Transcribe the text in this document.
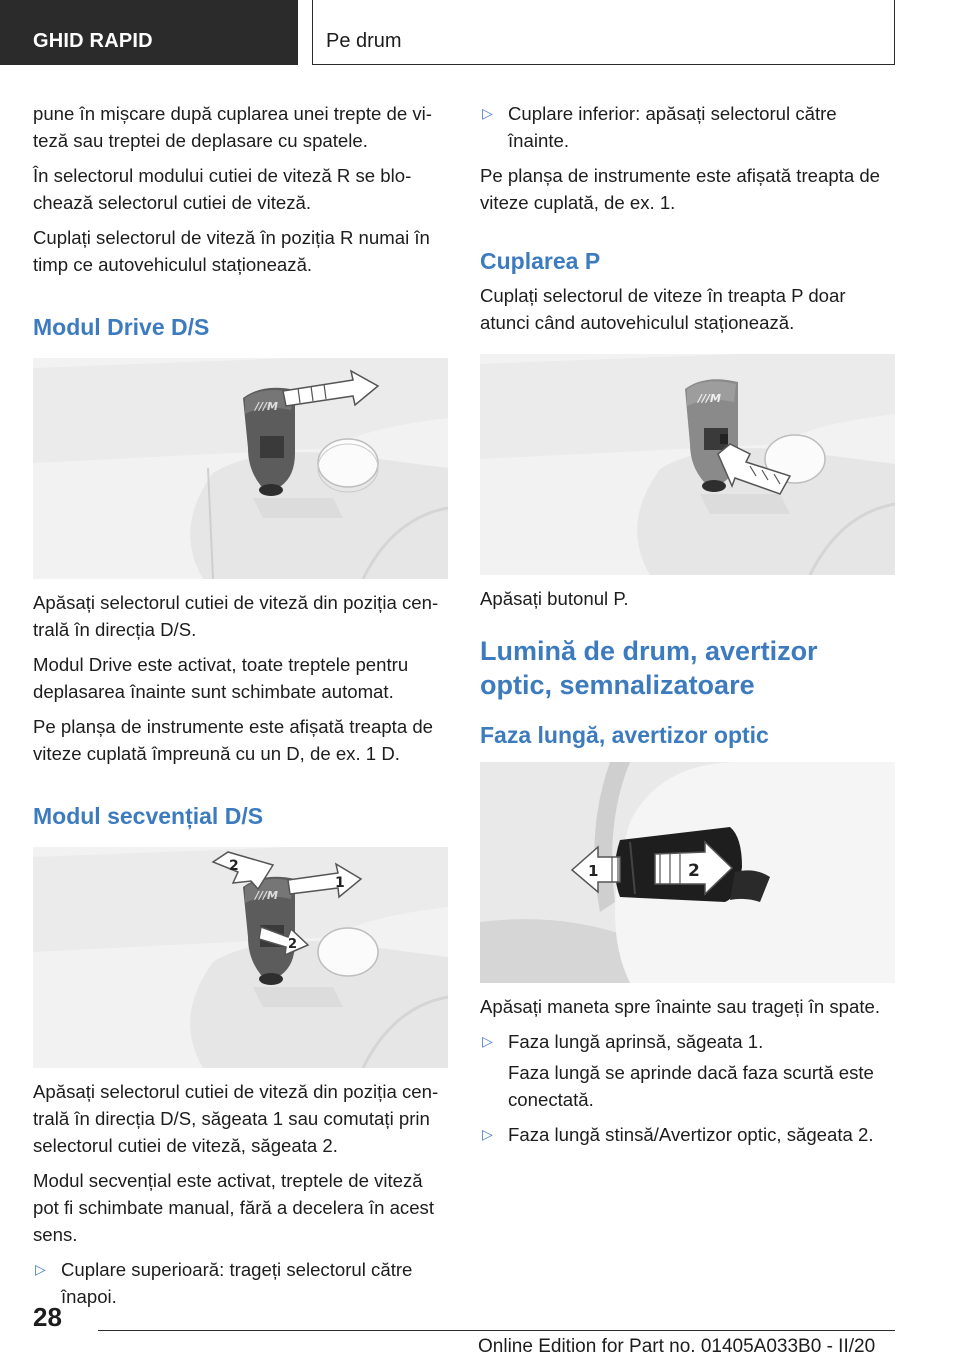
GHID RAPID	Pe drum

pune în mișcare după cuplarea unei trepte de vi- teză sau treptei de deplasare cu spatele.

În selectorul modului cutiei de viteză R se blo- chează selectorul cutiei de viteză.

Cuplați selectorul de viteză în poziția R numai în timp ce autovehiculul staționează.

Modul Drive D/S
///M

Apăsați selectorul cutiei de viteză din poziția cen- trală în direcția D/S.

Modul Drive este activat, toate treptele pentru deplasarea înainte sunt schimbate automat.

Pe planșa de instrumente este afișată treapta de viteze cuplată împreună cu un D, de ex. 1 D.

Modul secvențial D/S
///M
1
2
2

Apăsați selectorul cutiei de viteză din poziția cen- trală în direcția D/S, săgeata 1 sau comutați prin selectorul cutiei de viteză, săgeata 2.

Modul secvențial este activat, treptele de viteză pot fi schimbate manual, fără a decelera în acest sens.

▷ Cuplare superioară: trageți selectorul către înapoi.
▷ Cuplare inferior: apăsați selectorul către înainte.

Pe planșa de instrumente este afișată treapta de viteze cuplată, de ex. 1.

Cuplarea P

Cuplați selectorul de viteze în treapta P doar atunci când autovehiculul staționează.

///M

Apăsați butonul P.

Lumină de drum, avertizor optic, semnalizatoare
Faza lungă, avertizor optic
2
1

Apăsați maneta spre înainte sau trageți în spate.

▷ Faza lungă aprinsă, săgeata 1.
Faza lungă se aprinde dacă faza scurtă este conectată.
▷ Faza lungă stinsă/Avertizor optic, săgeata 2.
28
Online Edition for Part no. 01405A033B0 - II/20
